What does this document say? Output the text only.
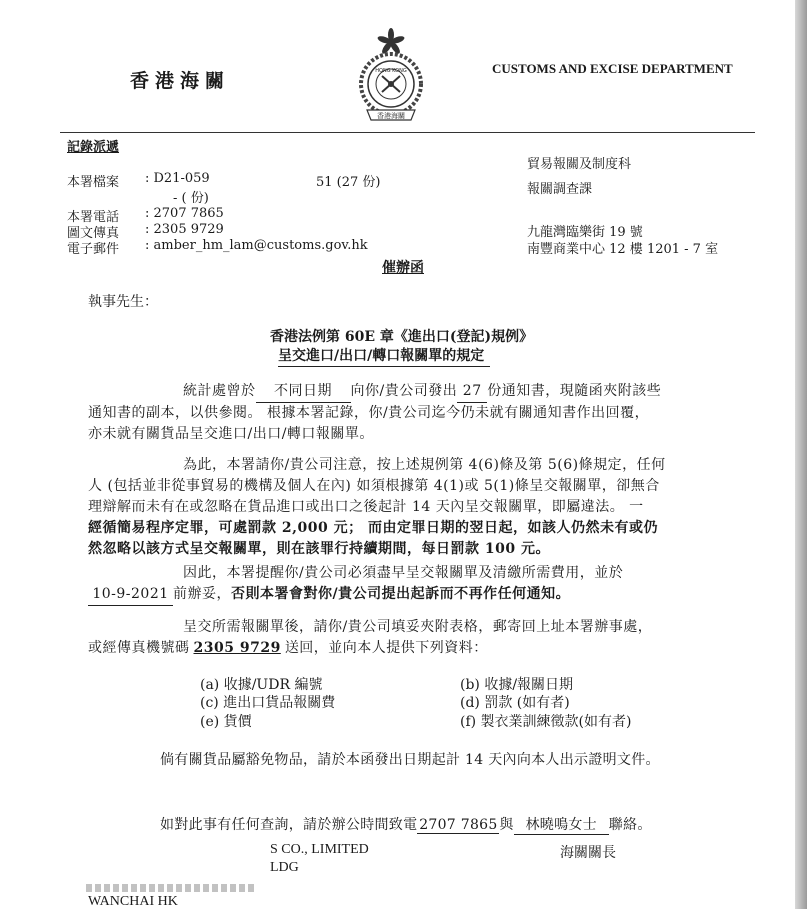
香港海關	HONG KONG
香港海關
CUSTOMS AND EXCISE DEPARTMENT
記錄派遞
本署檔案 : D21-059	51 (27 份)
- ( 份)
本署電話 : 2707 7865
圖文傳真 : 2305 9729
電子郵件 : amber_hm_lam@customs.gov.hk
貿易報關及制度科
報關調查課
九龍灣臨樂街 19 號
南豐商業中心 12 樓 1201 - 7 室
催辦函
執事先生：
香港法例第 60E 章《進出口(登記)規例》
呈交進口/出口/轉口報關單的規定
統計處曾於 不同日期 向你/貴公司發出 27 份通知書，現隨函夾附該些
通知書的副本，以供參閱。 根據本署記錄，你/貴公司迄今仍未就有關通知書作出回覆，
亦未就有關貨品呈交進口/出口/轉口報關單。
為此，本署請你/貴公司注意，按上述規例第 4(6)條及第 5(6)條規定，任何
人 (包括並非從事貿易的機構及個人在內) 如須根據第 4(1)或 5(1)條呈交報關單，卻無合
理辯解而未有在或忽略在貨品進口或出口之後起計 14 天內呈交報關單，即屬違法。 一
經循簡易程序定罪，可處罰款 2,000 元； 而由定罪日期的翌日起，如該人仍然未有或仍
然忽略以該方式呈交報關單，則在該罪行持續期間，每日罰款 100 元。
因此，本署提醒你/貴公司必須盡早呈交報關單及清繳所需費用，並於
10-9-2021 前辦妥，否則本署會對你/貴公司提出起訴而不再作任何通知。
呈交所需報關單後，請你/貴公司填妥夾附表格，郵寄回上址本署辦事處，
或經傳真機號碼 2305 9729 送回，並向本人提供下列資料：
(a) 收據/UDR 編號	(b) 收據/報關日期
(c) 進出口貨品報關費	(d) 罰款 (如有者)
(e) 貨價	(f) 製衣業訓練徵款(如有者)
倘有關貨品屬豁免物品，請於本函發出日期起計 14 天內向本人出示證明文件。
如對此事有任何查詢，請於辦公時間致電 2707 7865 與 林曉鳴女士 聯絡。
S CO., LIMITED
LDG
WANCHAI HK
海關關長
